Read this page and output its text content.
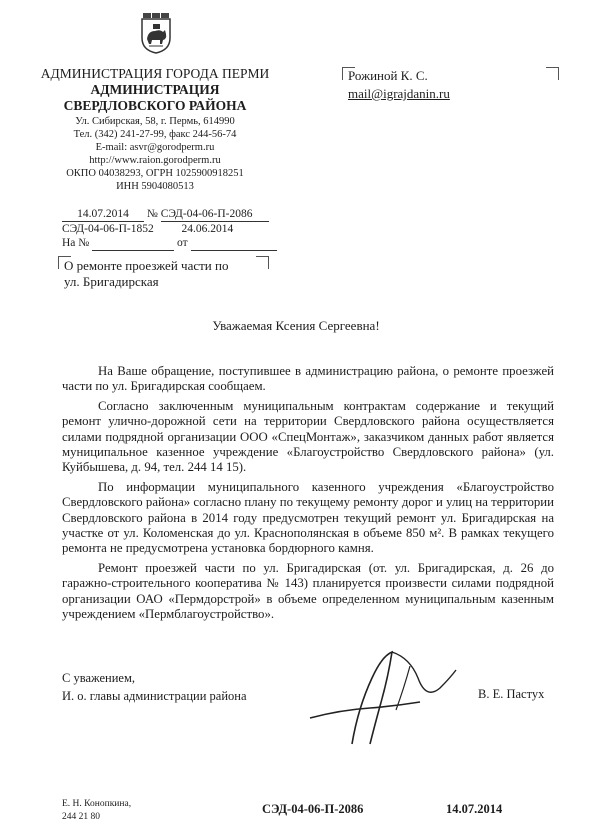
АДМИНИСТРАЦИЯ ГОРОДА ПЕРМИ
АДМИНИСТРАЦИЯ
СВЕРДЛОВСКОГО РАЙОНА
Ул. Сибирская, 58, г. Пермь, 614990
Тел. (342) 241-27-99, факс 244-56-74
E-mail: asvr@gorodperm.ru
http://www.raion.gorodperm.ru
ОКПО 04038293, ОГРН 1025900918251
ИНН 5904080513
Рожиной К. С.
mail@igrajdanin.ru
14.07.2014 № СЭД-04-06-П-2086
СЭД-04-06-П-1852 24.06.2014
На №	от
О ремонте проезжей части по
ул. Бригадирская
Уважаемая Ксения Сергеевна!

На Ваше обращение, поступившее в администрацию района, о ремонте проезжей части по ул. Бригадирская сообщаем.

Согласно заключенным муниципальным контрактам содержание и текущий ремонт улично-дорожной сети на территории Свердловского района осуществляется силами подрядной организации ООО «СпецМонтаж», заказчиком данных работ является муниципальное казенное учреждение «Благоустройство Свердловского района» (ул. Куйбышева, д. 94, тел. 244 14 15).

По информации муниципального казенного учреждения «Благоустройство Свердловского района» согласно плану по текущему ремонту дорог и улиц на территории Свердловского района в 2014 году предусмотрен текущий ремонт ул. Бригадирская на участке от ул. Коломенская до ул. Краснополянская в объеме 850 м². В рамках текущего ремонта не предусмотрена установка бордюрного камня.

Ремонт проезжей части по ул. Бригадирская (от. ул. Бригадирская, д. 26 до гаражно-строительного кооператива № 143) планируется произвести силами подрядной организации ОАО «Пермдорстрой» в объеме определенном муниципальным казенным учреждением «Пермблагоустройство».

С уважением,
И. о. главы администрации района	В. Е. Пастух
Е. Н. Конопкина,
244 21 80
СЭД-04-06-П-2086	14.07.2014
